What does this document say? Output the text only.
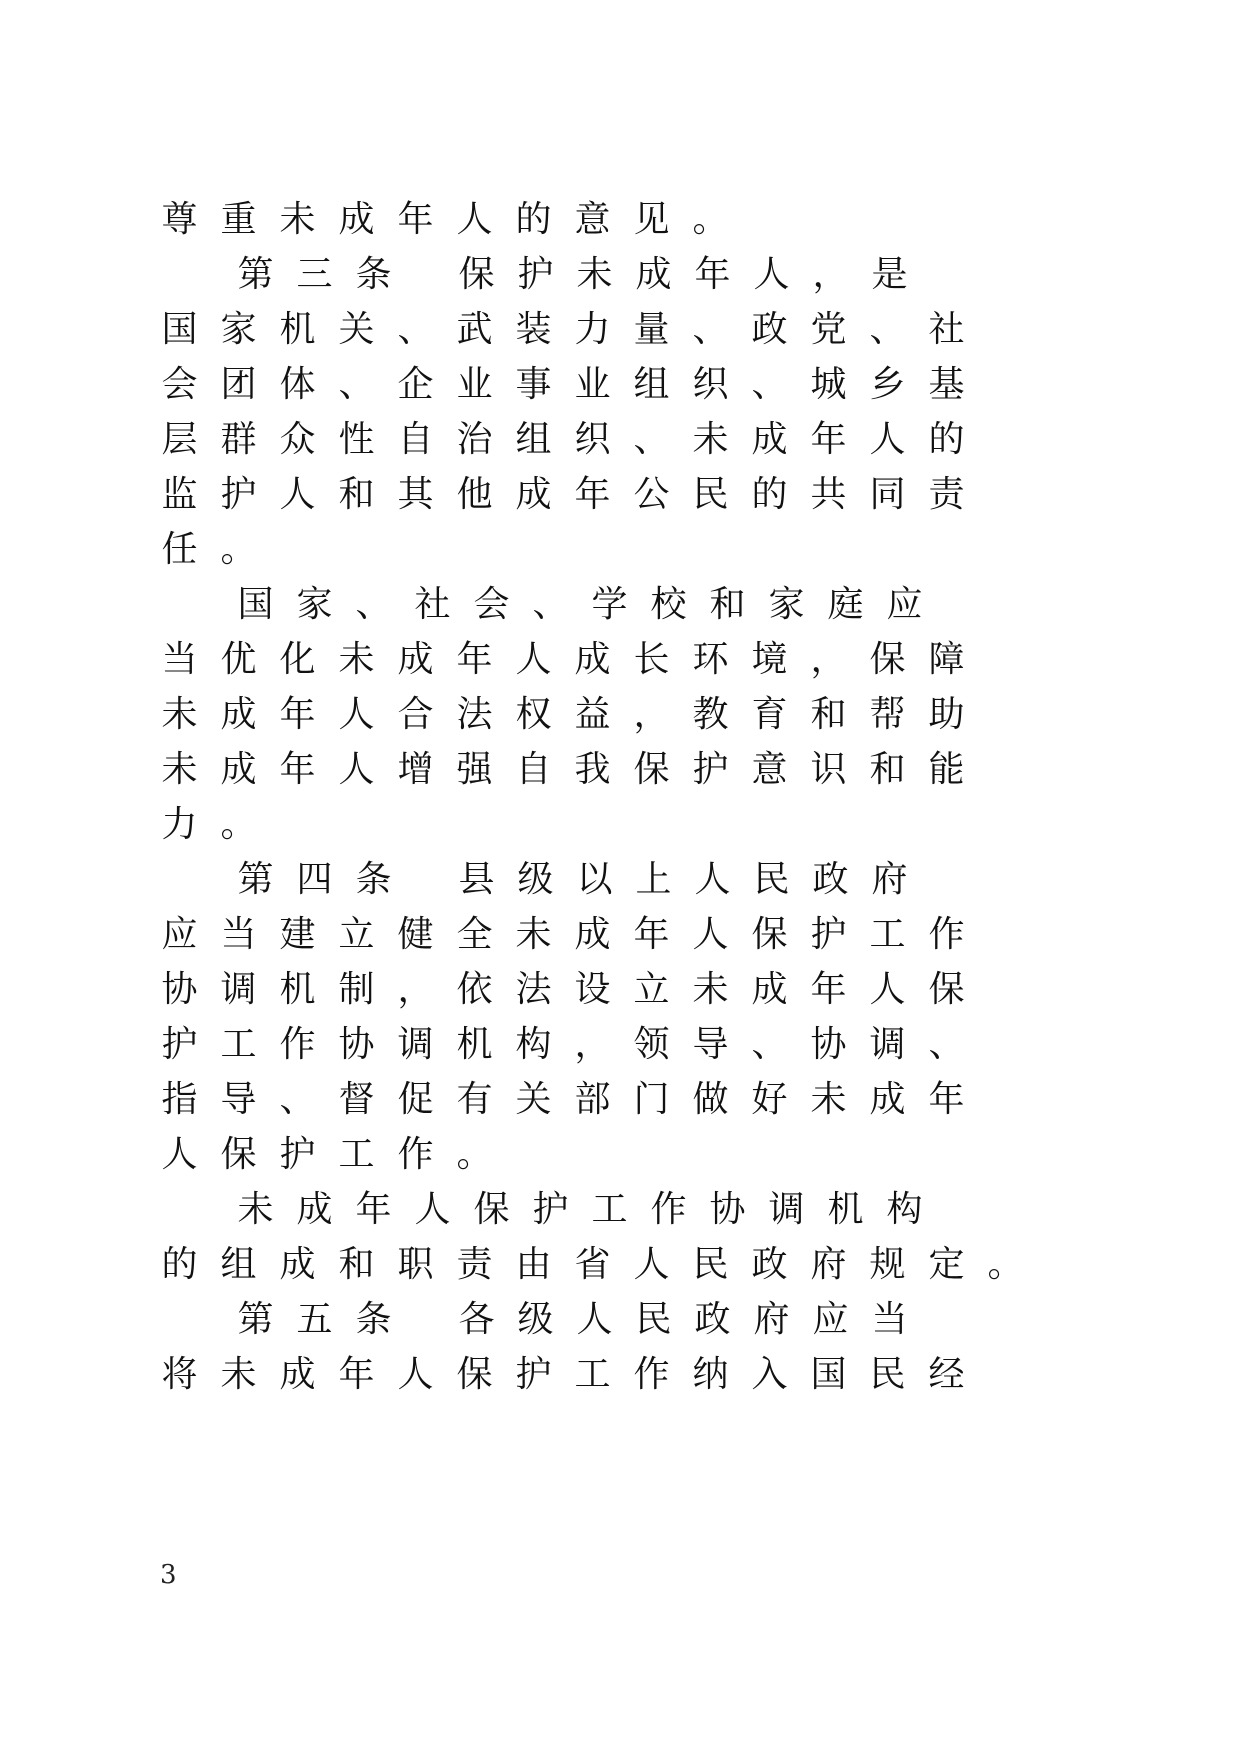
尊 重 未 成 年 人 的 意 见 。
第 三 条 保 护 未 成 年 人 ， 是
国 家 机 关 、 武 装 力 量 、 政 党 、 社
会 团 体 、 企 业 事 业 组 织 、 城 乡 基
层 群 众 性 自 治 组 织 、 未 成 年 人 的
监 护 人 和 其 他 成 年 公 民 的 共 同 责
任 。
国 家 、 社 会 、 学 校 和 家 庭 应
当 优 化 未 成 年 人 成 长 环 境 ， 保 障
未 成 年 人 合 法 权 益 ， 教 育 和 帮 助
未 成 年 人 增 强 自 我 保 护 意 识 和 能
力 。
第 四 条 县 级 以 上 人 民 政 府
应 当 建 立 健 全 未 成 年 人 保 护 工 作
协 调 机 制 ， 依 法 设 立 未 成 年 人 保
护 工 作 协 调 机 构 ， 领 导 、 协 调 、
指 导 、 督 促 有 关 部 门 做 好 未 成 年
人 保 护 工 作 。
未 成 年 人 保 护 工 作 协 调 机 构
的 组 成 和 职 责 由 省 人 民 政 府 规 定 。
第 五 条 各 级 人 民 政 府 应 当
将 未 成 年 人 保 护 工 作 纳 入 国 民 经
3
